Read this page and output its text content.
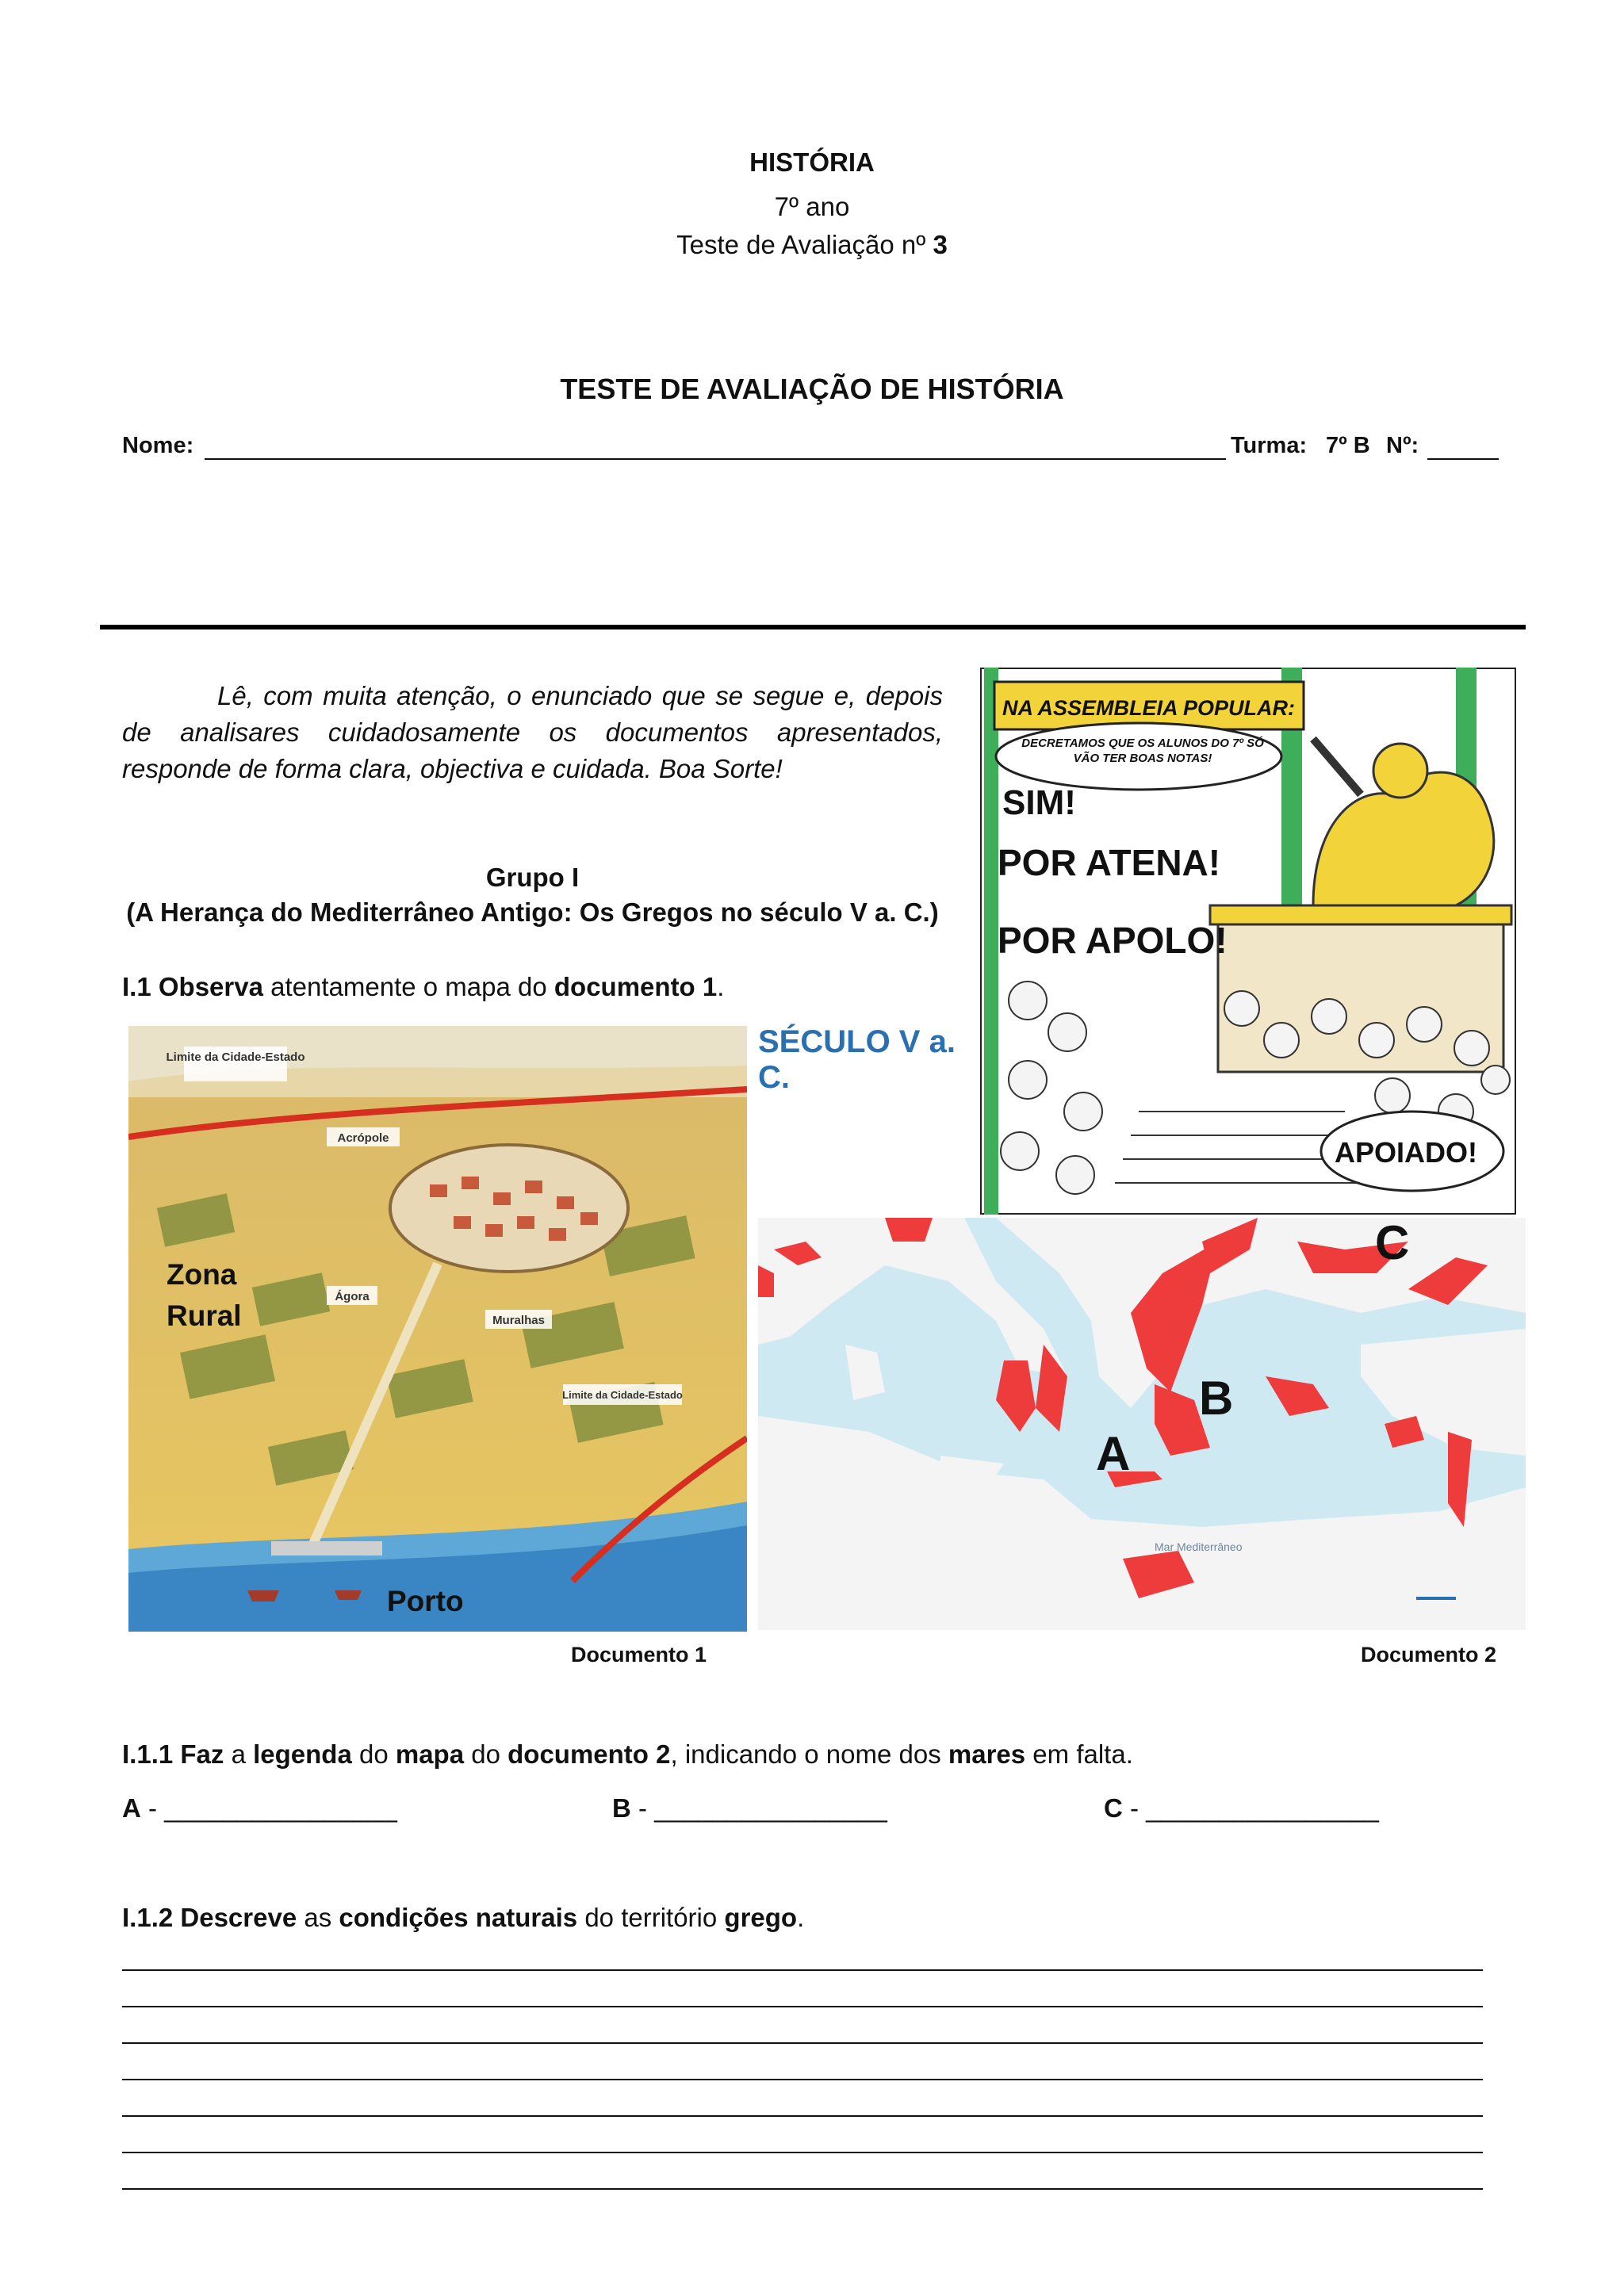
HISTÓRIA
7º ano
Teste de Avaliação nº 3
TESTE DE AVALIAÇÃO DE HISTÓRIA
Nome:	Turma: 7º B Nº:
Lê, com muita atenção, o enunciado que se segue e, depois de analisares cuidadosamente os documentos apresentados, responde de forma clara, objectiva e cuidada. Boa Sorte!
Grupo I
(A Herança do Mediterrâneo Antigo: Os Gregos no século V a. C.)
I.1 Observa atentamente o mapa do documento 1.
NA ASSEMBLEIA POPULAR:
DECRETAMOS QUE OS ALUNOS DO 7º SÓ VÃO TER BOAS NOTAS!
SIM!
POR ATENA!
POR APOLO!
APOIADO!
Limite da Cidade-Estado
Acrópole
Ágora
Muralhas
Limite da Cidade-Estado
Zona
Rural
Porto
SÉCULO V a. C.
Mar Mediterrâneo
A
B
C
Documento 1	Documento 2
I.1.1 Faz a legenda do mapa do documento 2, indicando o nome dos mares em falta.
A - ________________	B - ________________	C - ________________
I.1.2 Descreve as condições naturais do território grego.
